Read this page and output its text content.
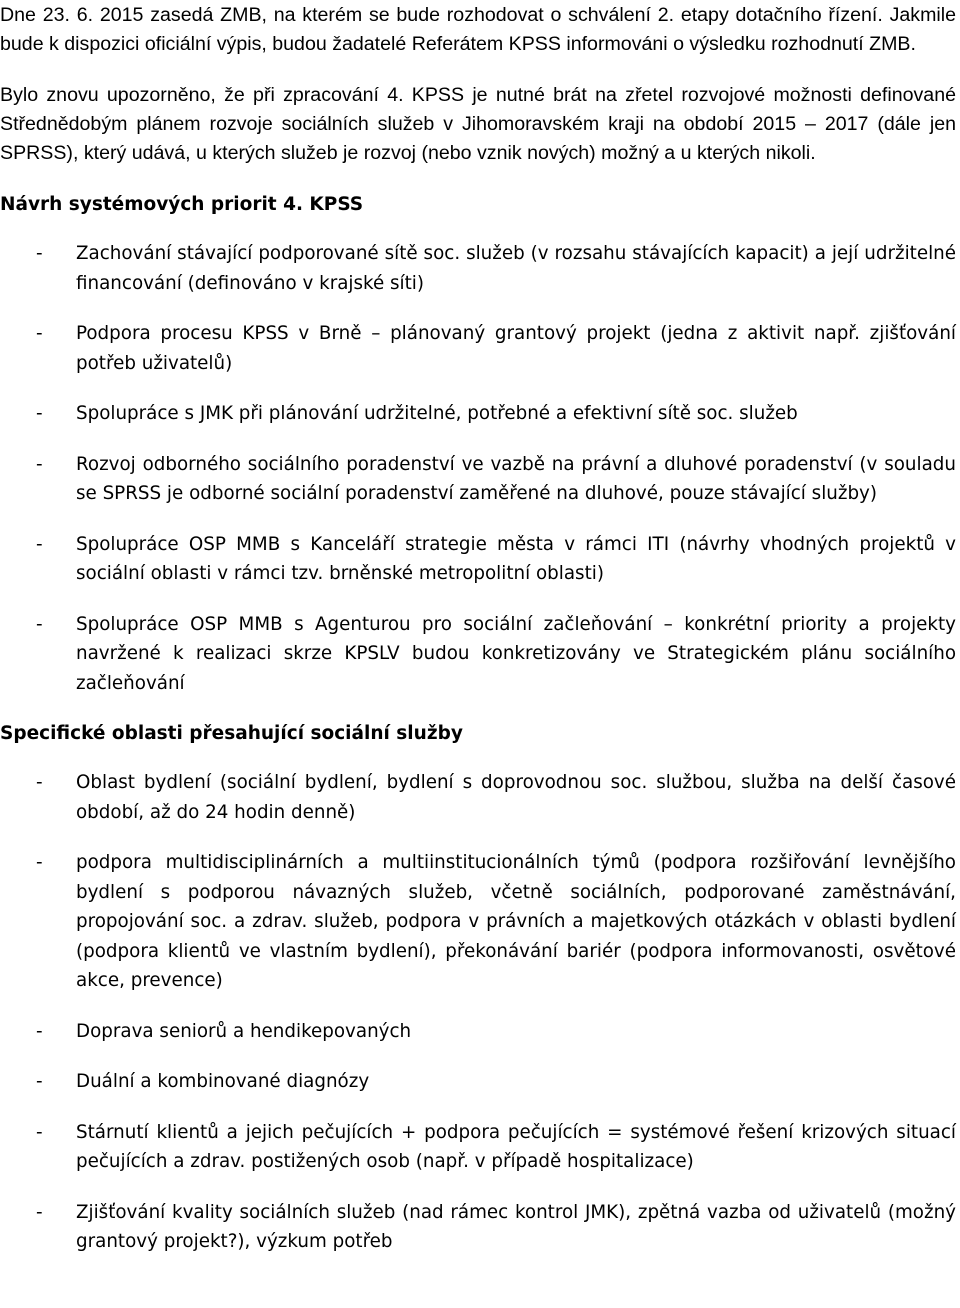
Dne 23. 6. 2015 zasedá ZMB, na kterém se bude rozhodovat o schválení 2. etapy dotačního řízení. Jakmile bude k dispozici oficiální výpis, budou žadatelé Referátem KPSS informováni o výsledku rozhodnutí ZMB.

Bylo znovu upozorněno, že při zpracování 4. KPSS je nutné brát na zřetel rozvojové možnosti definované Střednědobým plánem rozvoje sociálních služeb v Jihomoravském kraji na období 2015 – 2017 (dále jen SPRSS), který udává, u kterých služeb je rozvoj (nebo vznik nových) možný a u kterých nikoli.

Návrh systémových priorit 4. KPSS
- Zachování stávající podporované sítě soc. služeb (v rozsahu stávajících kapacit) a její udržitelné financování (definováno v krajské síti)
- Podpora procesu KPSS v Brně – plánovaný grantový projekt (jedna z aktivit např. zjišťování potřeb uživatelů)
- Spolupráce s JMK při plánování udržitelné, potřebné a efektivní sítě soc. služeb
- Rozvoj odborného sociálního poradenství ve vazbě na právní a dluhové poradenství (v souladu se SPRSS je odborné sociální poradenství zaměřené na dluhové, pouze stávající služby)
- Spolupráce OSP MMB s Kanceláří strategie města v rámci ITI (návrhy vhodných projektů v sociální oblasti v rámci tzv. brněnské metropolitní oblasti)
- Spolupráce OSP MMB s Agenturou pro sociální začleňování – konkrétní priority a projekty navržené k realizaci skrze KPSLV budou konkretizovány ve Strategickém plánu sociálního začleňování
Specifické oblasti přesahující sociální služby
- Oblast bydlení (sociální bydlení, bydlení s doprovodnou soc. službou, služba na delší časové období, až do 24 hodin denně)
- podpora multidisciplinárních a multiinstitucionálních týmů (podpora rozšiřování levnějšího bydlení s podporou návazných služeb, včetně sociálních, podporované zaměstnávání, propojování soc. a zdrav. služeb, podpora v právních a majetkových otázkách v oblasti bydlení (podpora klientů ve vlastním bydlení), překonávání bariér (podpora informovanosti, osvětové akce, prevence)
- Doprava seniorů a hendikepovaných
- Duální a kombinované diagnózy
- Stárnutí klientů a jejich pečujících + podpora pečujících = systémové řešení krizových situací pečujících a zdrav. postižených osob (např. v případě hospitalizace)
- Zjišťování kvality sociálních služeb (nad rámec kontrol JMK), zpětná vazba od uživatelů (možný grantový projekt?), výzkum potřeb
